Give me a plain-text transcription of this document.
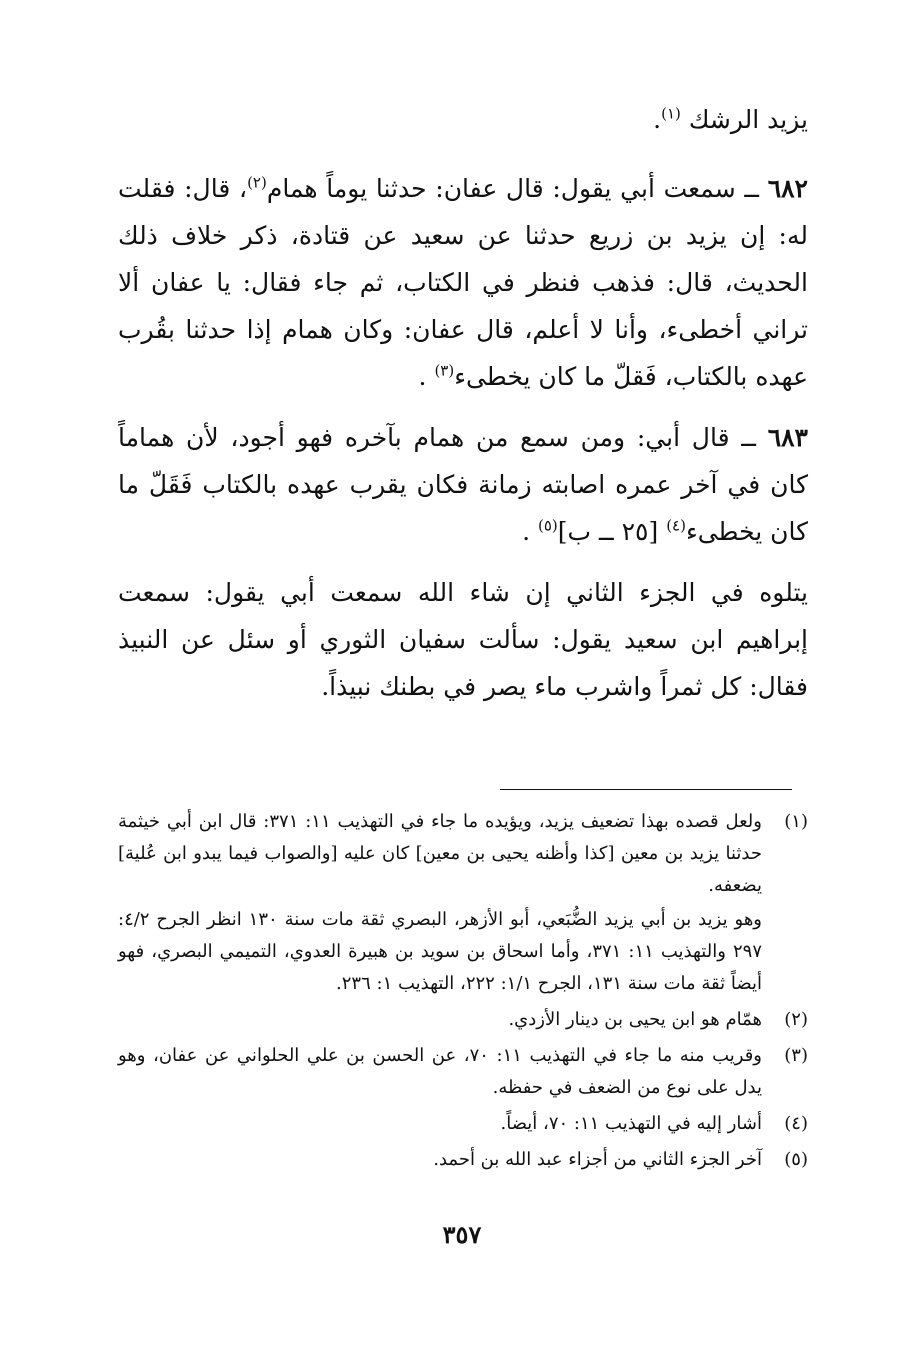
يزيد الرشك $^{(١)}$.

٦٨٢ ــ سمعت أبي يقول: قال عفان: حدثنا يوماً همام$^{(٢)}$، قال: فقلت له: إن يزيد بن زريع حدثنا عن سعيد عن قتادة، ذكر خلاف ذلك الحديث، قال: فذهب فنظر في الكتاب، ثم جاء فقال: يا عفان ألا تراني أخطىء، وأنا لا أعلم، قال عفان: وكان همام إذا حدثنا بقُرب عهده بالكتاب، فَقلّ ما كان يخطىء$^{(٣)}$ .

٦٨٣ ــ قال أبي: ومن سمع من همام بآخره فهو أجود، لأن هماماً كان في آخر عمره اصابته زمانة فكان يقرب عهده بالكتاب فَقَلّ ما كان يخطىء$^{(٤)}$ [٢٥ ــ ب]$^{(٥)}$ .

يتلوه في الجزء الثاني إن شاء الله سمعت أبي يقول: سمعت إبراهيم ابن سعيد يقول: سألت سفيان الثوري أو سئل عن النبيذ فقال: كل ثمراً واشرب ماء يصر في بطنك نبيذاً.

(١)
ولعل قصده بهذا تضعيف يزيد، ويؤيده ما جاء في التهذيب ١١: ٣٧١: قال ابن أبي خيثمة حدثنا يزيد بن معين [كذا وأظنه يحيى بن معين] كان عليه [والصواب فيما يبدو ابن عُلية] يضعفه.
وهو يزيد بن أبي يزيد الضُّبَعي، أبو الأزهر، البصري ثقة مات سنة ١٣٠ انظر الجرح ٤/٢: ٢٩٧ والتهذيب ١١: ٣٧١، وأما اسحاق بن سويد بن هبيرة العدوي، التميمي البصري، فهو أيضاً ثقة مات سنة ١٣١، الجرح ١/١: ٢٢٢، التهذيب ١: ٢٣٦.
(٢)
همّام هو ابن يحيى بن دينار الأزدي.
(٣)
وقريب منه ما جاء في التهذيب ١١: ٧٠، عن الحسن بن علي الحلواني عن عفان، وهو يدل على نوع من الضعف في حفظه.
(٤)
أشار إليه في التهذيب ١١: ٧٠، أيضاً.
(٥)
آخر الجزء الثاني من أجزاء عبد الله بن أحمد.
٣٥٧
